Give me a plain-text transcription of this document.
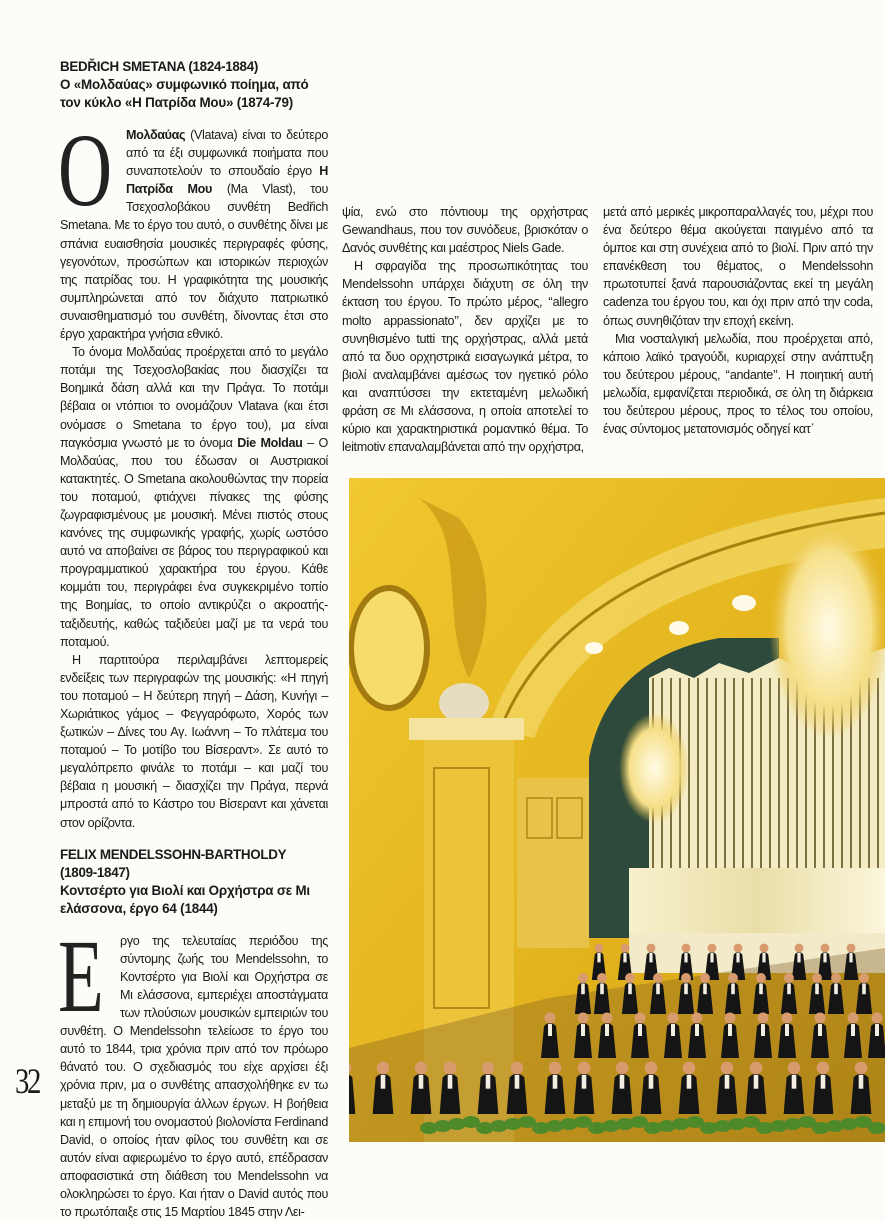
BEDŘICH SMETANA (1824-1884)
Ο «Μολδαύας» συμφωνικό ποίημα, από τον κύκλο «Η Πατρίδα Μου» (1874-79)

Ο Μολδαύας (Vlatava) είναι το δεύτερο από τα έξι συμφωνικά ποιήματα που συναποτελούν το σπουδαίο έργο Η Πατρίδα Μου (Ma Vlast), του Τσεχοσλοβάκου συνθέτη Bedřich Smetana. Με το έργο του αυτό, ο συνθέτης δίνει με σπάνια ευαισθησία μουσικές περιγραφές φύσης, γεγονότων, προσώπων και ιστορικών περιοχών της πατρίδας του. Η γραφικότητα της μουσικής συμπληρώνεται από τον διάχυτο πατριωτικό συναισθηματισμό του συνθέτη, δίνοντας έτσι στο έργο χαρακτήρα γνήσια εθνικό.

Το όνομα Μολδαύας προέρχεται από το μεγάλο ποτάμι της Τσεχοσλοβακίας που διασχίζει τα Βοημικά δάση αλλά και την Πράγα. Το ποτάμι βέβαια οι ντόπιοι το ονομάζουν Vlatava (και έτσι ονόμασε ο Smetana το έργο του), μα είναι παγκόσμια γνωστό με το όνομα Die Moldau – Ο Μολδαύας, που του έδωσαν οι Αυστριακοί κατακτητές. Ο Smetana ακολουθώντας την πορεία του ποταμού, φτιάχνει πίνακες της φύσης ζωγραφισμένους με μουσική. Μένει πιστός στους κανόνες της συμφωνικής γραφής, χωρίς ωστόσο αυτό να αποβαίνει σε βάρος του περιγραφικού και προγραμματικού χαρακτήρα του έργου. Κάθε κομμάτι του, περιγράφει ένα συγκεκριμένο τοπίο της Βοημίας, το οποίο αντικρύζει ο ακροατής-ταξιδευτής, καθώς ταξιδεύει μαζί με τα νερά του ποταμού.

Η παρτιτούρα περιλαμβάνει λεπτομερείς ενδείξεις των περιγραφών της μουσικής: «Η πηγή του ποταμού – Η δεύτερη πηγή – Δάση, Κυνήγι – Χωριάτικος γάμος – Φεγγαρόφωτο, Χορός των ξωτικών – Δίνες του Αγ. Ιωάννη – Το πλάτεμα του ποταμού – Το μοτίβο του Βίσεραντ». Σε αυτό το μεγαλόπρεπο φινάλε το ποτάμι – και μαζί του βέβαια η μουσική – διασχίζει την Πράγα, περνά μπροστά από το Κάστρο του Βίσεραντ και χάνεται στον ορίζοντα.

FELIX MENDELSSOHN-BARTHOLDY
(1809-1847)
Κοντσέρτο για Βιολί και Ορχήστρα σε Μι ελάσσονα, έργο 64 (1844)

Ε ργο της τελευταίας περιόδου της σύντομης ζωής του Mendelssohn, το Κοντσέρτο για Βιολί και Ορχήστρα σε Μι ελάσσονα, εμπεριέχει αποστάγματα των πλούσιων μουσικών εμπειριών του συνθέτη. Ο Mendelssohn τελείωσε το έργο του αυτό το 1844, τρια χρόνια πριν από τον πρόωρο θάνατό του. Ο σχεδιασμός του είχε αρχίσει έξι χρόνια πριν, μα ο συνθέτης απασχολήθηκε εν τω μεταξύ με τη δημιουργία άλλων έργων. Η βοήθεια και η επιμονή του ονομαστού βιολονίστα Ferdinand David, ο οποίος ήταν φίλος του συνθέτη και σε αυτόν είναι αφιερωμένο το έργο αυτό, επέδρασαν αποφασιστικά στη διάθεση του Mendelssohn να ολοκληρώσει το έργο. Και ήταν ο David αυτός που το πρωτόπαιξε στις 15 Μαρτίου 1845 στην Λει-

ψία, ενώ στο πόντιουμ της ορχήστρας Gewandhaus, που τον συνόδευε, βρισκόταν ο Δανός συνθέτης και μαέστρος Niels Gade.

Η σφραγίδα της προσωπικότητας του Mendelssohn υπάρχει διάχυτη σε όλη την έκταση του έργου. Το πρώτο μέρος, ‘‘allegro molto appassionato’’, δεν αρχίζει με το συνηθισμένο tutti της ορχήστρας, αλλά μετά από τα δυο ορχηστρικά εισαγωγικά μέτρα, το βιολί αναλαμβάνει αμέσως τον ηγετικό ρόλο και αναπτύσσει την εκτεταμένη μελωδική φράση σε Μι ελάσσονα, η οποία αποτελεί το κύριο και χαρακτηριστικά ρομαντικό θέμα. Το leitmotiv επαναλαμβάνεται από την ορχήστρα,

μετά από μερικές μικροπαραλλαγές του, μέχρι που ένα δεύτερο θέμα ακούγεται παιγμένο από τα όμποε και στη συνέχεια από το βιολί. Πριν από την επανέκθεση του θέματος, ο Mendelssohn πρωτοτυπεί ξανά παρουσιάζοντας εκεί τη μεγάλη cadenza του έργου του, και όχι πριν από την coda, όπως συνηθιζόταν την εποχή εκείνη.

Μια νοσταλγική μελωδία, που προέρχεται από, κάποιο λαϊκό τραγούδι, κυριαρχεί στην ανάπτυξη του δεύτερου μέρους, ‘‘andante’’. Η ποιητική αυτή μελωδία, εμφανίζεται περιοδικά, σε όλη τη διάρκεια του δεύτερου μέρους, προς το τέλος του οποίου, ένας σύντομος μετατονισμός οδηγεί κατ᾿

32
